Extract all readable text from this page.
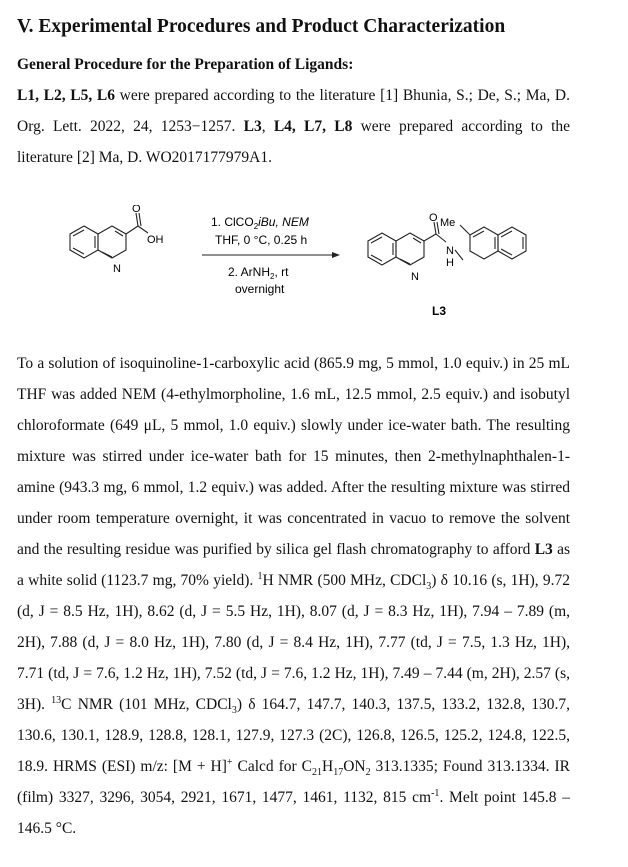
V. Experimental Procedures and Product Characterization
General Procedure for the Preparation of Ligands:

L1, L2, L5, L6 were prepared according to the literature [1] Bhunia, S.; De, S.; Ma, D. Org. Lett. 2022, 24, 1253−1257. L3, L4, L7, L8 were prepared according to the literature [2] Ma, D. WO2017177979A1.

O
OH
N
1. ClCO$_2$iBu, NEM
THF, 0 °C, 0.25 h
2. ArNH$_2$, rt
overnight
Me
O
N
H
N
L3

To a solution of isoquinoline-1-carboxylic acid (865.9 mg, 5 mmol, 1.0 equiv.) in 25 mL THF was added NEM (4-ethylmorpholine, 1.6 mL, 12.5 mmol, 2.5 equiv.) and isobutyl chloroformate (649 μL, 5 mmol, 1.0 equiv.) slowly under ice-water bath. The resulting mixture was stirred under ice-water bath for 15 minutes, then 2-methylnaphthalen-1-amine (943.3 mg, 6 mmol, 1.2 equiv.) was added. After the resulting mixture was stirred under room temperature overnight, it was concentrated in vacuo to remove the solvent and the resulting residue was purified by silica gel flash chromatography to afford L3 as a white solid (1123.7 mg, 70% yield). $^1$H NMR (500 MHz, CDCl$_3$) δ 10.16 (s, 1H), 9.72 (d, J = 8.5 Hz, 1H), 8.62 (d, J = 5.5 Hz, 1H), 8.07 (d, J = 8.3 Hz, 1H), 7.94 – 7.89 (m, 2H), 7.88 (d, J = 8.0 Hz, 1H), 7.80 (d, J = 8.4 Hz, 1H), 7.77 (td, J = 7.5, 1.3 Hz, 1H), 7.71 (td, J = 7.6, 1.2 Hz, 1H), 7.52 (td, J = 7.6, 1.2 Hz, 1H), 7.49 – 7.44 (m, 2H), 2.57 (s, 3H). $^{13}$C NMR (101 MHz, CDCl$_3$) δ 164.7, 147.7, 140.3, 137.5, 133.2, 132.8, 130.7, 130.6, 130.1, 128.9, 128.8, 128.1, 127.9, 127.3 (2C), 126.8, 126.5, 125.2, 124.8, 122.5, 18.9. HRMS (ESI) m/z: [M + H]+ Calcd for $C_{21}H_{17}ON_2$ 313.1335; Found 313.1334. IR (film) 3327, 3296, 3054, 2921, 1671, 1477, 1461, 1132, 815 $cm^{-1}$. Melt point 145.8 – 146.5 °C.
